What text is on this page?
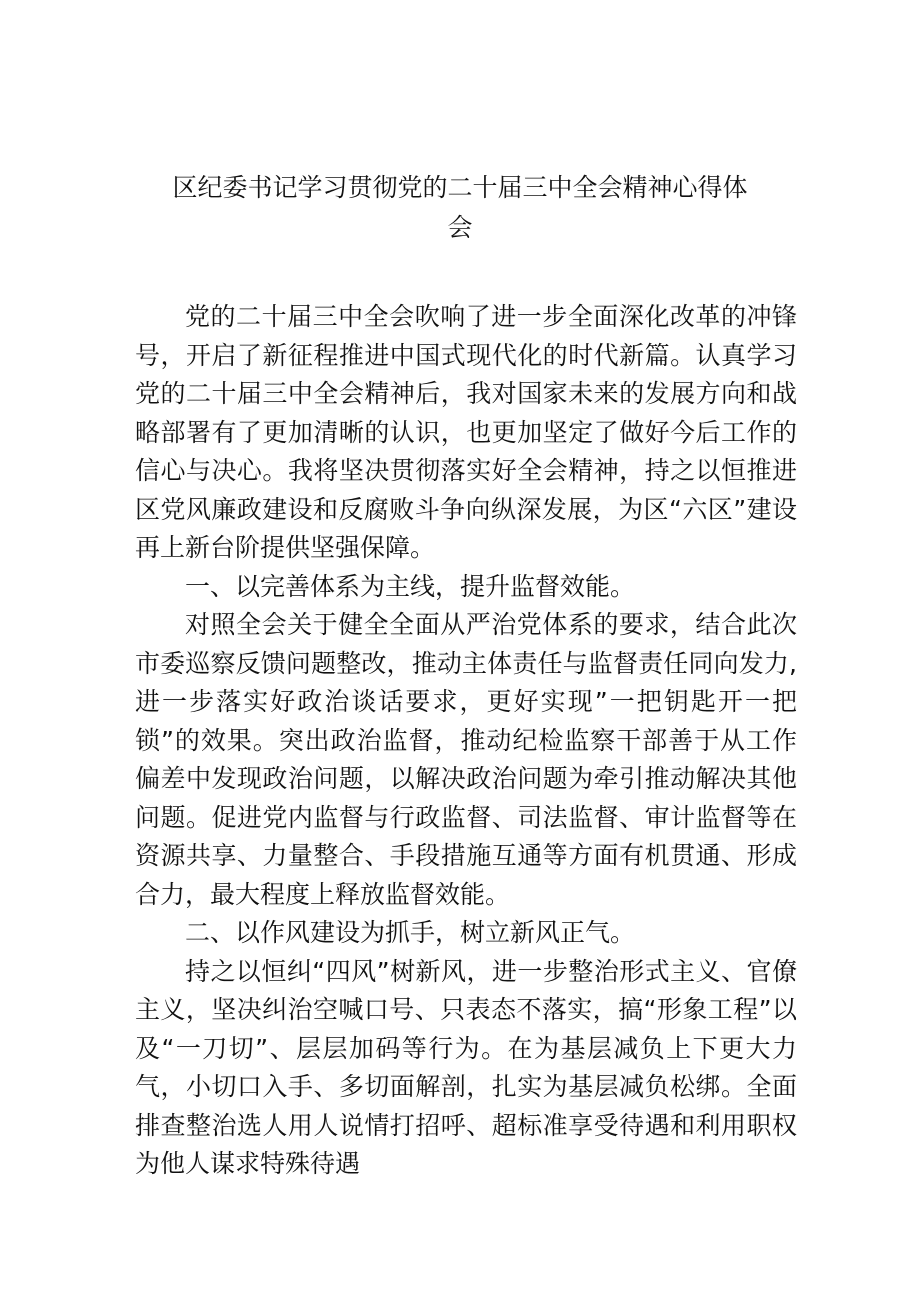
区纪委书记学习贯彻党的二十届三中全会精神心得体
会

党的二十届三中全会吹响了进一步全面深化改革的冲锋号，开启了新征程推进中国式现代化的时代新篇。认真学习党的二十届三中全会精神后，我对国家未来的发展方向和战略部署有了更加清晰的认识，也更加坚定了做好今后工作的信心与决心。我将坚决贯彻落实好全会精神，持之以恒推进区党风廉政建设和反腐败斗争向纵深发展，为区“六区”建设再上新台阶提供坚强保障。

一、以完善体系为主线，提升监督效能。

对照全会关于健全全面从严治党体系的要求，结合此次市委巡察反馈问题整改，推动主体责任与监督责任同向发力,进一步落实好政治谈话要求，更好实现”一把钥匙开一把锁”的效果。突出政治监督，推动纪检监察干部善于从工作偏差中发现政治问题，以解决政治问题为牵引推动解决其他问题。促进党内监督与行政监督、司法监督、审计监督等在资源共享、力量整合、手段措施互通等方面有机贯通、形成合力，最大程度上释放监督效能。

二、以作风建设为抓手，树立新风正气。

持之以恒纠“四风”树新风，进一步整治形式主义、官僚主义，坚决纠治空喊口号、只表态不落实，搞“形象工程”以及“一刀切”、层层加码等行为。在为基层减负上下更大力气，小切口入手、多切面解剖，扎实为基层减负松绑。全面排查整治选人用人说情打招呼、超标准享受待遇和利用职权为他人谋求特殊待遇
